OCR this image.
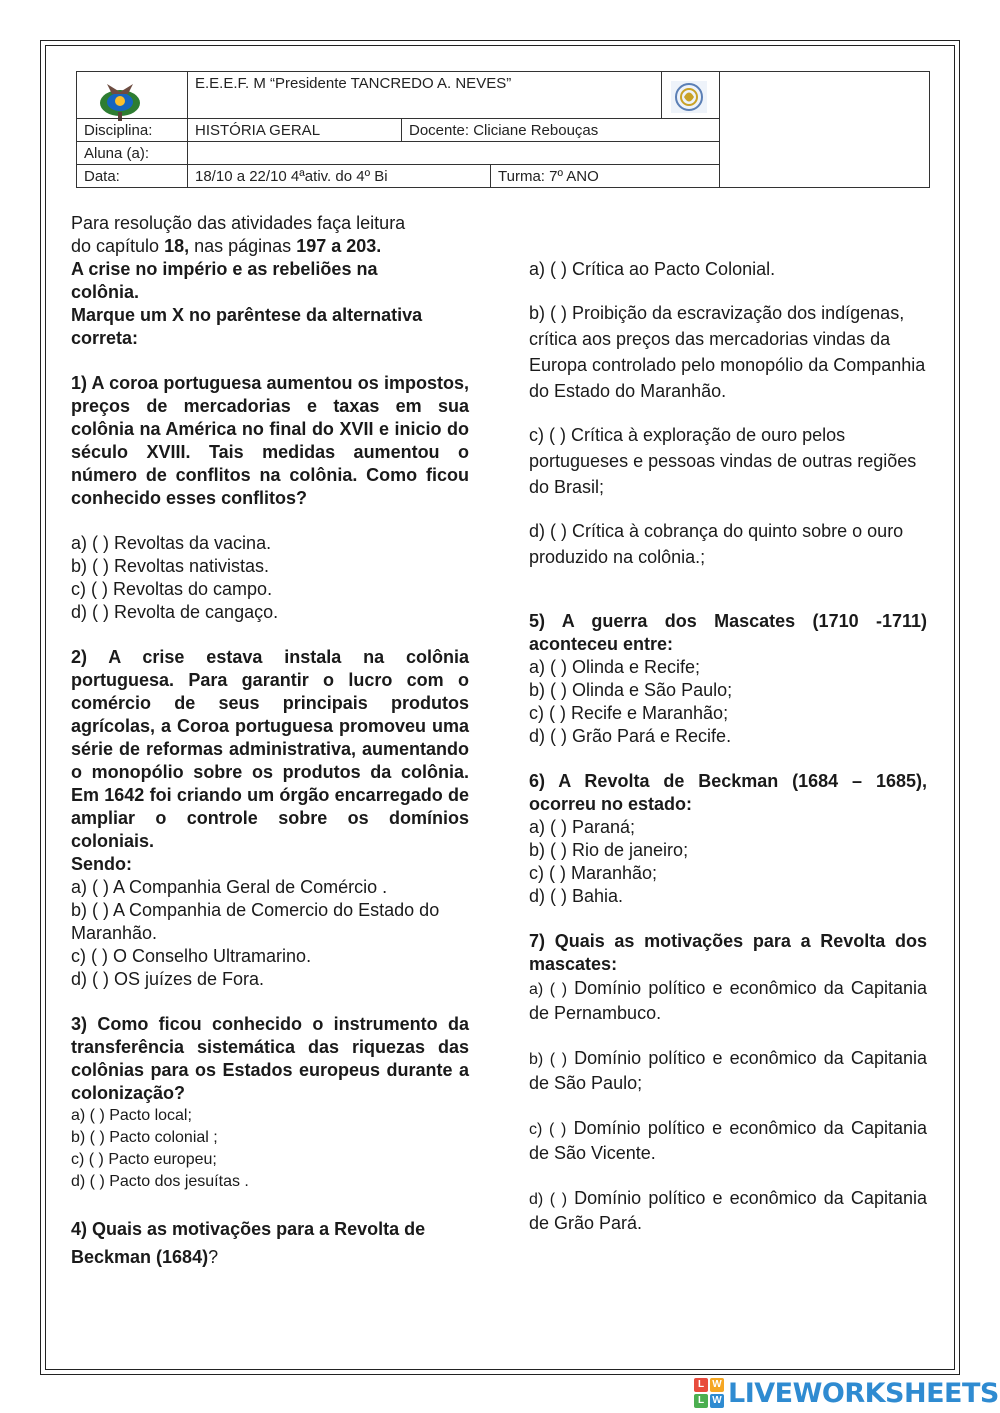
E.E.E.F. M “Presidente TANCREDO A. NEVES”
Disciplina:	HISTÓRIA GERAL	Docente: Cliciane Rebouças
Aluna (a):
Data:	18/10 a 22/10 4ªativ. do 4º Bi	Turma: 7º ANO

Para resolução das atividades faça leitura

do capítulo 18, nas páginas 197 a 203.

A crise no império e as rebeliões na

colônia.

Marque um X no parêntese da alternativa

correta:

1) A coroa portuguesa aumentou os impostos, preços de mercadorias e taxas em sua colônia na América no final do XVII e inicio do século XVIII. Tais medidas aumentou o número de conflitos na colônia. Como ficou conhecido esses conflitos?

a) ( ) Revoltas da vacina.

b) ( ) Revoltas nativistas.

c) ( ) Revoltas do campo.

d) ( ) Revolta de cangaço.

2) A crise estava instala na colônia portuguesa. Para garantir o lucro com o comércio de seus principais produtos agrícolas, a Coroa portuguesa promoveu uma série de reformas administrativa, aumentando o monopólio sobre os produtos da colônia. Em 1642 foi criando um órgão encarregado de ampliar o controle sobre os domínios coloniais.

Sendo:

a) ( ) A Companhia Geral de Comércio .

b) ( ) A Companhia de Comercio do Estado do Maranhão.

c) ( ) O Conselho Ultramarino.

d) ( ) OS juízes de Fora.

3) Como ficou conhecido o instrumento da transferência sistemática das riquezas das colônias para os Estados europeus durante a colonização?

a) ( ) Pacto local;

b) ( ) Pacto colonial ;

c) ( ) Pacto europeu;

d) ( ) Pacto dos jesuítas .

4) Quais as motivações para a Revolta de Beckman (1684)?

a) ( ) Crítica ao Pacto Colonial.

b) ( ) Proibição da escravização dos indígenas, crítica aos preços das mercadorias vindas da Europa controlado pelo monopólio da Companhia do Estado do Maranhão.

c) ( ) Crítica à exploração de ouro pelos portugueses e pessoas vindas de outras regiões do Brasil;

d) ( ) Crítica à cobrança do quinto sobre o ouro produzido na colônia.;

5) A guerra dos Mascates (1710 -1711) aconteceu entre:

a) ( ) Olinda e Recife;

b) ( ) Olinda e São Paulo;

c) ( ) Recife e Maranhão;

d) ( ) Grão Pará e Recife.

6) A Revolta de Beckman (1684 – 1685), ocorreu no estado:

a) ( ) Paraná;

b) ( ) Rio de janeiro;

c) ( ) Maranhão;

d) ( ) Bahia.

7) Quais as motivações para a Revolta dos mascates:

a) ( ) Domínio político e econômico da Capitania de Pernambuco.

b) ( ) Domínio político e econômico da Capitania de São Paulo;

c) ( ) Domínio político e econômico da Capitania de São Vicente.

d) ( ) Domínio político e econômico da Capitania de Grão Pará.

L W
L W LIVEWORKSHEETS
